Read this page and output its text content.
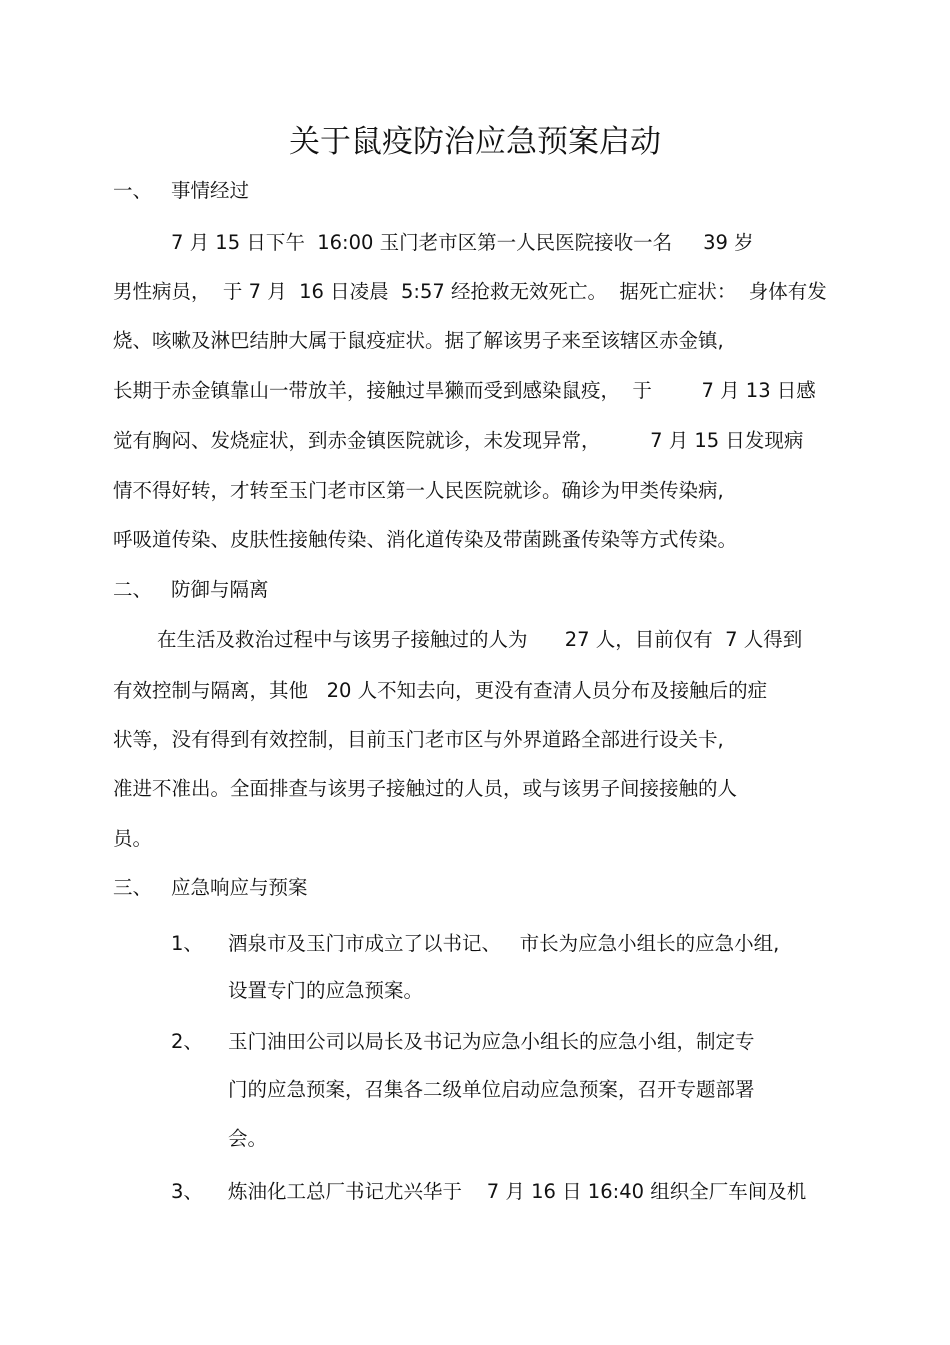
关于鼠疫防治应急预案启动
一、 事情经过
7 月 15 日下午  16:00 玉门老市区第一人民医院接收一名     39 岁
男性病员，  于 7 月  16 日凌晨  5:57 经抢救无效死亡。  据死亡症状：  身体有发
烧、咳嗽及淋巴结肿大属于鼠疫症状。据了解该男子来至该辖区赤金镇,
长期于赤金镇靠山一带放羊，接触过旱獭而受到感染鼠疫，  于        7 月 13 日感
觉有胸闷、发烧症状，到赤金镇医院就诊，未发现异常，        7 月 15 日发现病
情不得好转，才转至玉门老市区第一人民医院就诊。确诊为甲类传染病,
呼吸道传染、皮肤性接触传染、消化道传染及带菌跳蚤传染等方式传染。
二、 防御与隔离
在生活及救治过程中与该男子接触过的人为      27 人，目前仅有  7 人得到
有效控制与隔离，其他   20 人不知去向，更没有查清人员分布及接触后的症
状等，没有得到有效控制，目前玉门老市区与外界道路全部进行设关卡,
准进不准出。全面排查与该男子接触过的人员，或与该男子间接接触的人
员。
三、 应急响应与预案
1、 酒泉市及玉门市成立了以书记、   市长为应急小组长的应急小组,
设置专门的应急预案。
2、 玉门油田公司以局长及书记为应急小组长的应急小组，制定专
门的应急预案，召集各二级单位启动应急预案，召开专题部署
会。
3、 炼油化工总厂书记尤兴华于    7 月 16 日 16:40 组织全厂车间及机
